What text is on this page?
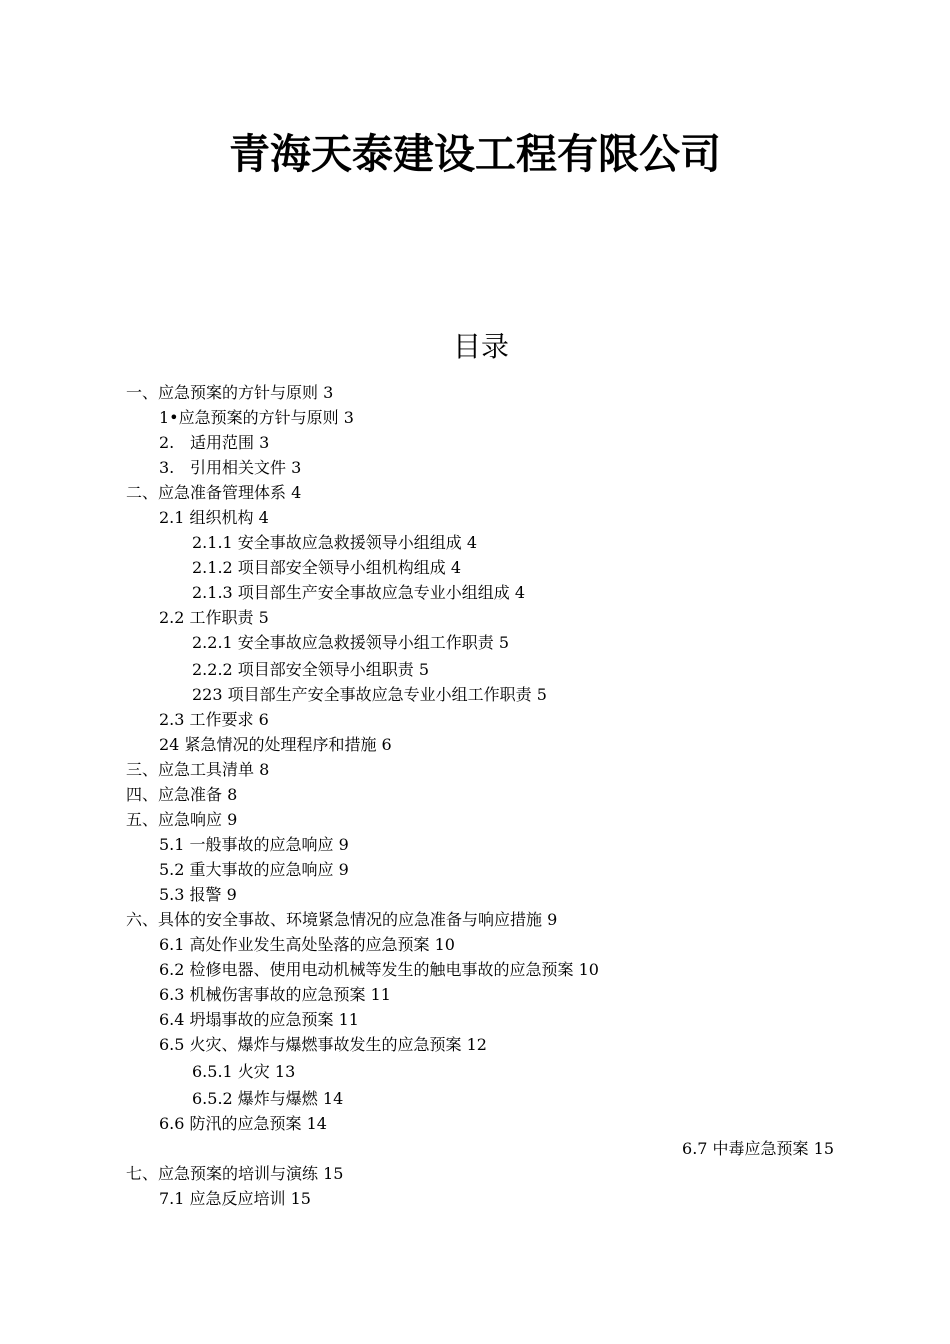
青海天泰建设工程有限公司
目录
一、应急预案的方针与原则 3
1•应急预案的方针与原则 3
2. 适用范围 3
3. 引用相关文件 3
二、应急准备管理体系 4
2.1 组织机构 4
2.1.1 安全事故应急救援领导小组组成 4
2.1.2 项目部安全领导小组机构组成 4
2.1.3 项目部生产安全事故应急专业小组组成 4
2.2 工作职责 5
2.2.1 安全事故应急救援领导小组工作职责 5
2.2.2 项目部安全领导小组职责 5
223 项目部生产安全事故应急专业小组工作职责 5
2.3 工作要求 6
24 紧急情况的处理程序和措施 6
三、应急工具清单 8
四、应急准备 8
五、应急响应 9
5.1 一般事故的应急响应 9
5.2 重大事故的应急响应 9
5.3 报警 9
六、具体的安全事故、环境紧急情况的应急准备与响应措施 9
6.1 高处作业发生高处坠落的应急预案 10
6.2 检修电器、使用电动机械等发生的触电事故的应急预案 10
6.3 机械伤害事故的应急预案 11
6.4 坍塌事故的应急预案 11
6.5 火灾、爆炸与爆燃事故发生的应急预案 12
6.5.1 火灾 13
6.5.2 爆炸与爆燃 14
6.6 防汛的应急预案 14
6.7 中毒应急预案 15
七、应急预案的培训与演练 15
7.1 应急反应培训 15
